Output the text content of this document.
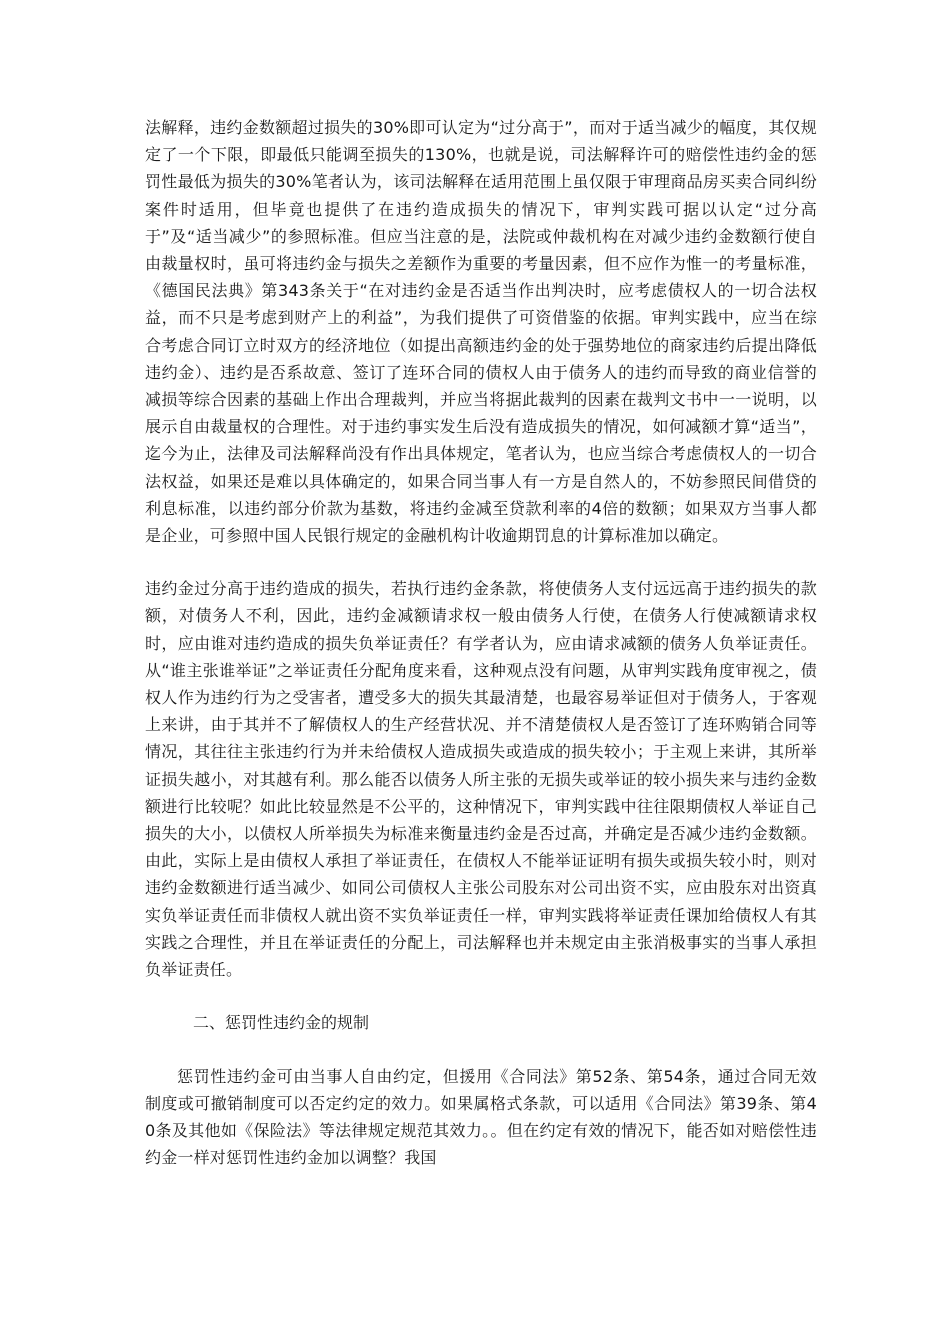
法解释，违约金数额超过损失的30%即可认定为“过分高于”，而对于适当减少的幅度，其仅规定了一个下限，即最低只能调至损失的130%，也就是说，司法解释许可的赔偿性违约金的惩罚性最低为损失的30%笔者认为，该司法解释在适用范围上虽仅限于审理商品房买卖合同纠纷案件时适用，但毕竟也提供了在违约造成损失的情况下，审判实践可据以认定“过分高于”及“适当减少”的参照标准。但应当注意的是，法院或仲裁机构在对减少违约金数额行使自由裁量权时，虽可将违约金与损失之差额作为重要的考量因素，但不应作为惟一的考量标准，《德国民法典》第343条关于“在对违约金是否适当作出判决时，应考虑债权人的一切合法权益，而不只是考虑到财产上的利益”，为我们提供了可资借鉴的依据。审判实践中，应当在综合考虑合同订立时双方的经济地位（如提出高额违约金的处于强势地位的商家违约后提出降低违约金）、违约是否系故意、签订了连环合同的债权人由于债务人的违约而导致的商业信誉的减损等综合因素的基础上作出合理裁判，并应当将据此裁判的因素在裁判文书中一一说明，以展示自由裁量权的合理性。对于违约事实发生后没有造成损失的情况，如何减额才算“适当”，迄今为止，法律及司法解释尚没有作出具体规定，笔者认为，也应当综合考虑债权人的一切合法权益，如果还是难以具体确定的，如果合同当事人有一方是自然人的，不妨参照民间借贷的利息标准，以违约部分价款为基数，将违约金减至贷款利率的4倍的数额；如果双方当事人都是企业，可参照中国人民银行规定的金融机构计收逾期罚息的计算标准加以确定。

违约金过分高于违约造成的损失，若执行违约金条款，将使债务人支付远远高于违约损失的款额，对债务人不利，因此，违约金减额请求权一般由债务人行使，在债务人行使减额请求权时，应由谁对违约造成的损失负举证责任？有学者认为，应由请求减额的债务人负举证责任。从“谁主张谁举证”之举证责任分配角度来看，这种观点没有问题，从审判实践角度审视之，债权人作为违约行为之受害者，遭受多大的损失其最清楚，也最容易举证但对于债务人，于客观上来讲，由于其并不了解债权人的生产经营状况、并不清楚债权人是否签订了连环购销合同等情况，其往往主张违约行为并未给债权人造成损失或造成的损失较小；于主观上来讲，其所举证损失越小，对其越有利。那么能否以债务人所主张的无损失或举证的较小损失来与违约金数额进行比较呢？如此比较显然是不公平的，这种情况下，审判实践中往往限期债权人举证自己损失的大小，以债权人所举损失为标准来衡量违约金是否过高，并确定是否减少违约金数额。由此，实际上是由债权人承担了举证责任，在债权人不能举证证明有损失或损失较小时，则对违约金数额进行适当减少、如同公司债权人主张公司股东对公司出资不实，应由股东对出资真实负举证责任而非债权人就出资不实负举证责任一样，审判实践将举证责任课加给债权人有其实践之合理性，并且在举证责任的分配上，司法解释也并未规定由主张消极事实的当事人承担负举证责任。

二、惩罚性违约金的规制

惩罚性违约金可由当事人自由约定，但援用《合同法》第52条、第54条，通过合同无效制度或可撤销制度可以否定约定的效力。如果属格式条款，可以适用《合同法》第39条、第40条及其他如《保险法》等法律规定规范其效力。。但在约定有效的情况下，能否如对赔偿性违约金一样对惩罚性违约金加以调整？我国
